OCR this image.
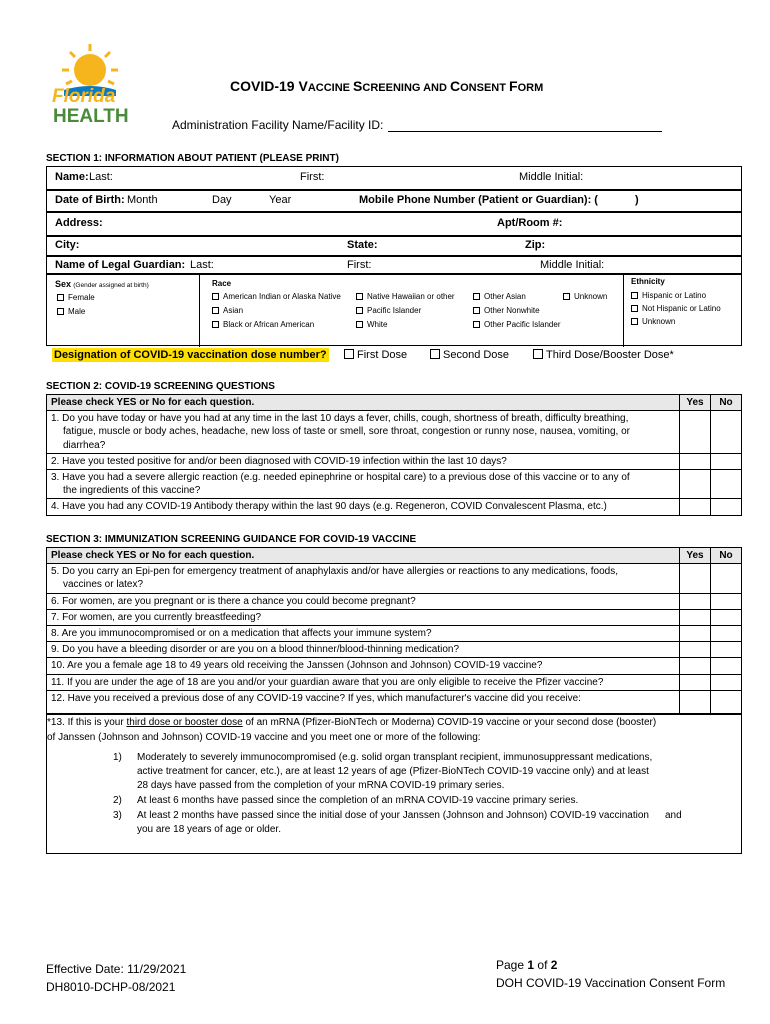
Florida
HEALTH
COVID-19 VACCINE SCREENING AND CONSENT FORM
Administration Facility Name/Facility ID:
SECTION 1: INFORMATION ABOUT PATIENT (PLEASE PRINT)
Name: Last:	First:	Middle Initial:
Date of Birth: Month	Day	Year	Mobile Phone Number (Patient or Guardian): (	)
Address:	Apt/Room #:
City:	State:	Zip:
Name of Legal Guardian: Last:	First:	Middle Initial:
Sex (Gender assigned at birth)
Female
Male
Race
American Indian or Alaska Native
Asian
Black or African American
Native Hawaiian or other
Pacific Islander
White
Other Asian
Other Nonwhite
Other Pacific Islander
Unknown
Ethnicity
Hispanic or Latino
Not Hispanic or Latino
Unknown
Designation of COVID-19 vaccination dose number?	First Dose	Second Dose	Third Dose/Booster Dose*
SECTION 2: COVID-19 SCREENING QUESTIONS
Please check YES or No for each question.	Yes	No
1. Do you have today or have you had at any time in the last 10 days a fever, chills, cough, shortness of breath, difficulty breathing,
fatigue, muscle or body aches, headache, new loss of taste or smell, sore throat, congestion or runny nose, nausea, vomiting, or
diarrhea?		

2. Have you tested positive for and/or been diagnosed with COVID-19 infection within the last 10 days?		
3. Have you had a severe allergic reaction (e.g. needed epinephrine or hospital care) to a previous dose of this vaccine or to any of
the ingredients of this vaccine?		

4. Have you had any COVID-19 Antibody therapy within the last 90 days (e.g. Regeneron, COVID Convalescent Plasma, etc.)		
SECTION 3: IMMUNIZATION SCREENING GUIDANCE FOR COVID-19 VACCINE
Please check YES or No for each question.	Yes	No
5. Do you carry an Epi-pen for emergency treatment of anaphylaxis and/or have allergies or reactions to any medications, foods,
vaccines or latex?		

6. For women, are you pregnant or is there a chance you could become pregnant?		
7. For women, are you currently breastfeeding?		
8. Are you immunocompromised or on a medication that affects your immune system?		
9. Do you have a bleeding disorder or are you on a blood thinner/blood-thinning medication?		
10. Are you a female age 18 to 49 years old receiving the Janssen (Johnson and Johnson) COVID-19 vaccine?		
11. If you are under the age of 18 are you and/or your guardian aware that you are only eligible to receive the Pfizer vaccine?		
12. Have you received a previous dose of any COVID-19 vaccine? If yes, which manufacturer's vaccine did you receive:		
*13. If this is your third dose or booster dose of an mRNA (Pfizer-BioNTech or Moderna) COVID-19 vaccine or your second dose (booster)
of Janssen (Johnson and Johnson) COVID-19 vaccine and you meet one or more of the following:
1) Moderately to severely immunocompromised (e.g. solid organ transplant recipient, immunosuppressant medications,
active treatment for cancer, etc.), are at least 12 years of age (Pfizer-BioNTech COVID-19 vaccine only) and at least
28 days have passed from the completion of your mRNA COVID-19 primary series.
2) At least 6 months have passed since the completion of an mRNA COVID-19 vaccine primary series.
3) At least 2 months have passed since the initial dose of your Janssen (Johnson and Johnson) COVID-19 vaccination and
you are 18 years of age or older.
Effective Date: 11/29/2021
DH8010-DCHP-08/2021
Page 1 of 2
DOH COVID-19 Vaccination Consent Form
